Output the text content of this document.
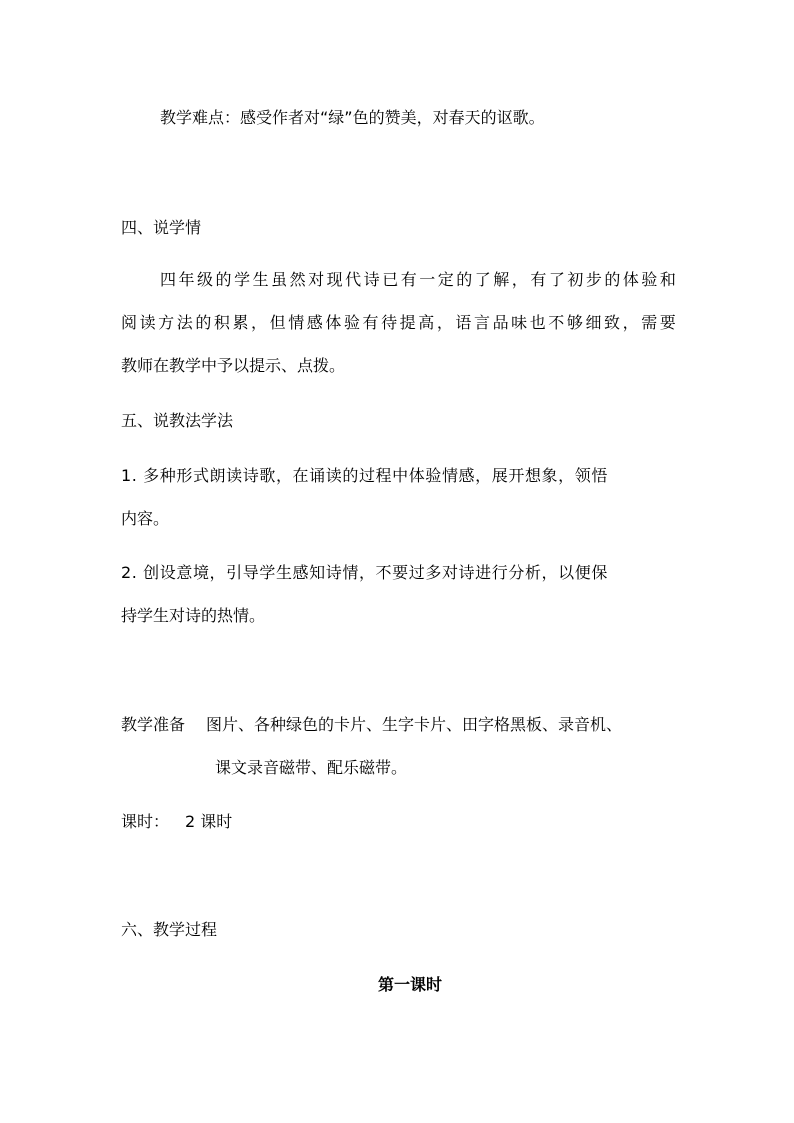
教学难点：感受作者对“绿”色的赞美，对春天的讴歌。
四、说学情
四 年 级 的 学 生 虽 然 对 现 代 诗 已 有 一 定 的 了 解 ， 有 了 初 步 的 体 验 和
阅 读 方 法 的 积 累 ， 但 情 感 体 验 有 待 提 高 ， 语 言 品 味 也 不 够 细 致 ， 需 要
教师在教学中予以提示、点拨。
五、说教法学法
1. 多种形式朗读诗歌，在诵读的过程中体验情感，展开想象，领悟
内容。
2. 创设意境，引导学生感知诗情，不要过多对诗进行分析，以便保
持学生对诗的热情。
教学准备 图片、各种绿色的卡片、生字卡片、田字格黑板、录音机、
课文录音磁带、配乐磁带。
课时： 2 课时
六、教学过程
第一课时
